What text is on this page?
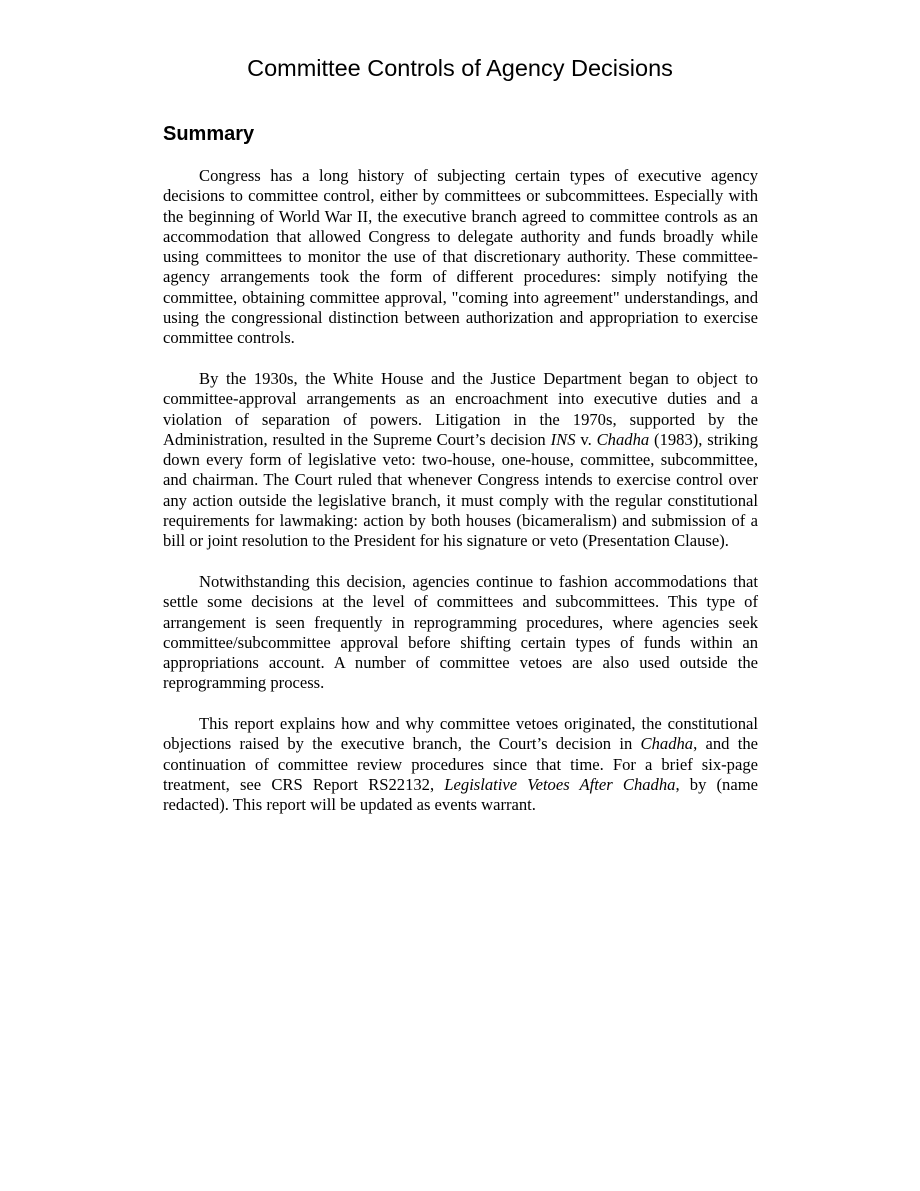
Committee Controls of Agency Decisions
Summary

Congress has a long history of subjecting certain types of executive agency decisions to committee control, either by committees or subcommittees. Especially with the beginning of World War II, the executive branch agreed to committee controls as an accommodation that allowed Congress to delegate authority and funds broadly while using committees to monitor the use of that discretionary authority. These committee-agency arrangements took the form of different procedures: simply notifying the committee, obtaining committee approval, "coming into agreement" understandings, and using the congressional distinction between authorization and appropriation to exercise committee controls.

By the 1930s, the White House and the Justice Department began to object to committee-approval arrangements as an encroachment into executive duties and a violation of separation of powers. Litigation in the 1970s, supported by the Administration, resulted in the Supreme Court’s decision INS v. Chadha (1983), striking down every form of legislative veto: two-house, one-house, committee, subcommittee, and chairman. The Court ruled that whenever Congress intends to exercise control over any action outside the legislative branch, it must comply with the regular constitutional requirements for lawmaking: action by both houses (bicameralism) and submission of a bill or joint resolution to the President for his signature or veto (Presentation Clause).

Notwithstanding this decision, agencies continue to fashion accommodations that settle some decisions at the level of committees and subcommittees. This type of arrangement is seen frequently in reprogramming procedures, where agencies seek committee/subcommittee approval before shifting certain types of funds within an appropriations account. A number of committee vetoes are also used outside the reprogramming process.

This report explains how and why committee vetoes originated, the constitutional objections raised by the executive branch, the Court’s decision in Chadha, and the continuation of committee review procedures since that time. For a brief six-page treatment, see CRS Report RS22132, Legislative Vetoes After Chadha, by (name redacted). This report will be updated as events warrant.
